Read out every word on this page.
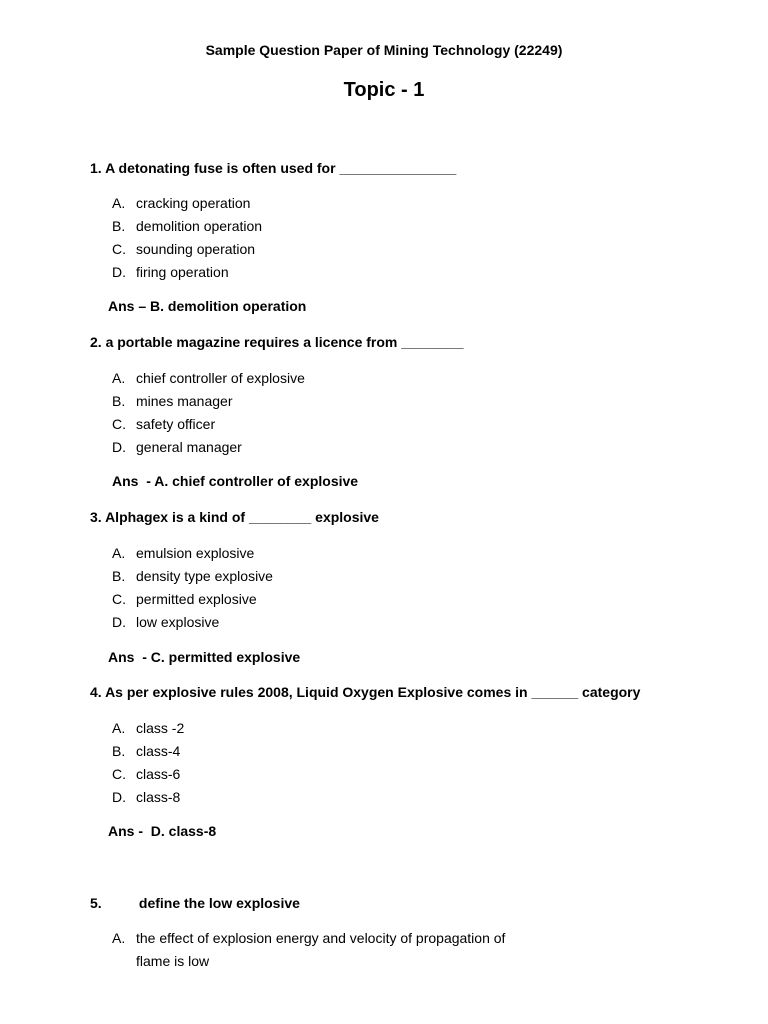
Sample Question Paper of Mining Technology (22249)
Topic - 1
1. A detonating fuse is often used for _______________
A. cracking operation
B. demolition operation
C. sounding operation
D. firing operation
Ans – B. demolition operation
2. a portable magazine requires a licence from ________
A. chief controller of explosive
B. mines manager
C. safety officer
D. general manager
Ans  - A. chief controller of explosive
3. Alphagex is a kind of ________ explosive
A. emulsion explosive
B. density type explosive
C. permitted explosive
D. low explosive
Ans  - C. permitted explosive
4. As per explosive rules 2008, Liquid Oxygen Explosive comes in ______ category
A. class -2
B. class-4
C. class-6
D. class-8
Ans -  D. class-8
5.	define the low explosive
A. the effect of explosion energy and velocity of propagation of flame is low
